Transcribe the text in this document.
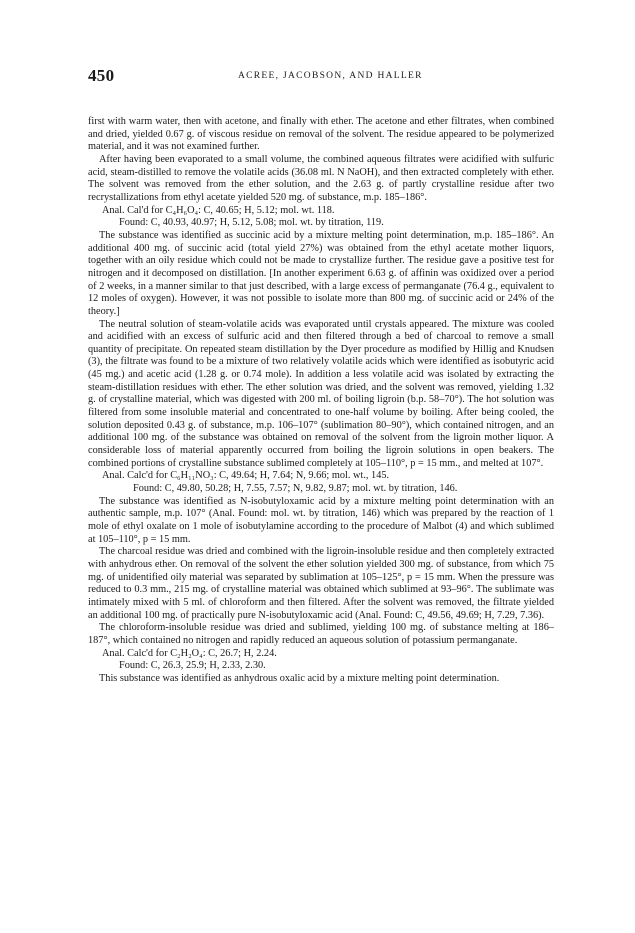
450	ACREE, JACOBSON, AND HALLER

first with warm water, then with acetone, and finally with ether. The acetone and ether filtrates, when combined and dried, yielded 0.67 g. of viscous residue on removal of the solvent. The residue appeared to be polymerized material, and it was not examined further.

After having been evaporated to a small volume, the combined aqueous filtrates were acidified with sulfuric acid, steam-distilled to remove the volatile acids (36.08 ml. N NaOH), and then extracted completely with ether. The solvent was removed from the ether solution, and the 2.63 g. of partly crystalline residue after two recrystallizations from ethyl acetate yielded 520 mg. of substance, m.p. 185–186°.

Anal. Cal'd for C₄H₆O₄: C, 40.65; H, 5.12; mol. wt. 118.

Found: C, 40.93, 40.97; H, 5.12, 5.08; mol. wt. by titration, 119.

The substance was identified as succinic acid by a mixture melting point determination, m.p. 185–186°. An additional 400 mg. of succinic acid (total yield 27%) was obtained from the ethyl acetate mother liquors, together with an oily residue which could not be made to crystallize further. The residue gave a positive test for nitrogen and it decomposed on distillation. [In another experiment 6.63 g. of affinin was oxidized over a period of 2 weeks, in a manner similar to that just described, with a large excess of permanganate (76.4 g., equivalent to 12 moles of oxygen). However, it was not possible to isolate more than 800 mg. of succinic acid or 24% of the theory.]

The neutral solution of steam-volatile acids was evaporated until crystals appeared. The mixture was cooled and acidified with an excess of sulfuric acid and then filtered through a bed of charcoal to remove a small quantity of precipitate. On repeated steam distillation by the Dyer procedure as modified by Hillig and Knudsen (3), the filtrate was found to be a mixture of two relatively volatile acids which were identified as isobutyric acid (45 mg.) and acetic acid (1.28 g. or 0.74 mole). In addition a less volatile acid was isolated by extracting the steam-distillation residues with ether. The ether solution was dried, and the solvent was removed, yielding 1.32 g. of crystalline material, which was digested with 200 ml. of boiling ligroin (b.p. 58–70°). The hot solution was filtered from some insoluble material and concentrated to one-half volume by boiling. After being cooled, the solution deposited 0.43 g. of substance, m.p. 106–107° (sublimation 80–90°), which contained nitrogen, and an additional 100 mg. of the substance was obtained on removal of the solvent from the ligroin mother liquor. A considerable loss of material apparently occurred from boiling the ligroin solutions in open beakers. The combined portions of crystalline substance sublimed completely at 105–110°, p = 15 mm., and melted at 107°.

Anal. Calc'd for C₆H₁₁NO₃: C, 49.64; H, 7.64; N, 9.66; mol. wt., 145.

Found: C, 49.80, 50.28; H, 7.55, 7.57; N, 9.82, 9.87; mol. wt. by titration, 146.

The substance was identified as N-isobutyloxamic acid by a mixture melting point determination with an authentic sample, m.p. 107° (Anal. Found: mol. wt. by titration, 146) which was prepared by the reaction of 1 mole of ethyl oxalate on 1 mole of isobutylamine according to the procedure of Malbot (4) and which sublimed at 105–110°, p = 15 mm.

The charcoal residue was dried and combined with the ligroin-insoluble residue and then completely extracted with anhydrous ether. On removal of the solvent the ether solution yielded 300 mg. of substance, from which 75 mg. of unidentified oily material was separated by sublimation at 105–125°, p = 15 mm. When the pressure was reduced to 0.3 mm., 215 mg. of crystalline material was obtained which sublimed at 93–96°. The sublimate was intimately mixed with 5 ml. of chloroform and then filtered. After the solvent was removed, the filtrate yielded an additional 100 mg. of practically pure N-isobutyloxamic acid (Anal. Found: C, 49.56, 49.69; H, 7.29, 7.36).

The chloroform-insoluble residue was dried and sublimed, yielding 100 mg. of substance melting at 186–187°, which contained no nitrogen and rapidly reduced an aqueous solution of potassium permanganate.

Anal. Calc'd for C₂H₂O₄: C, 26.7; H, 2.24.

Found: C, 26.3, 25.9; H, 2.33, 2.30.

This substance was identified as anhydrous oxalic acid by a mixture melting point determination.
